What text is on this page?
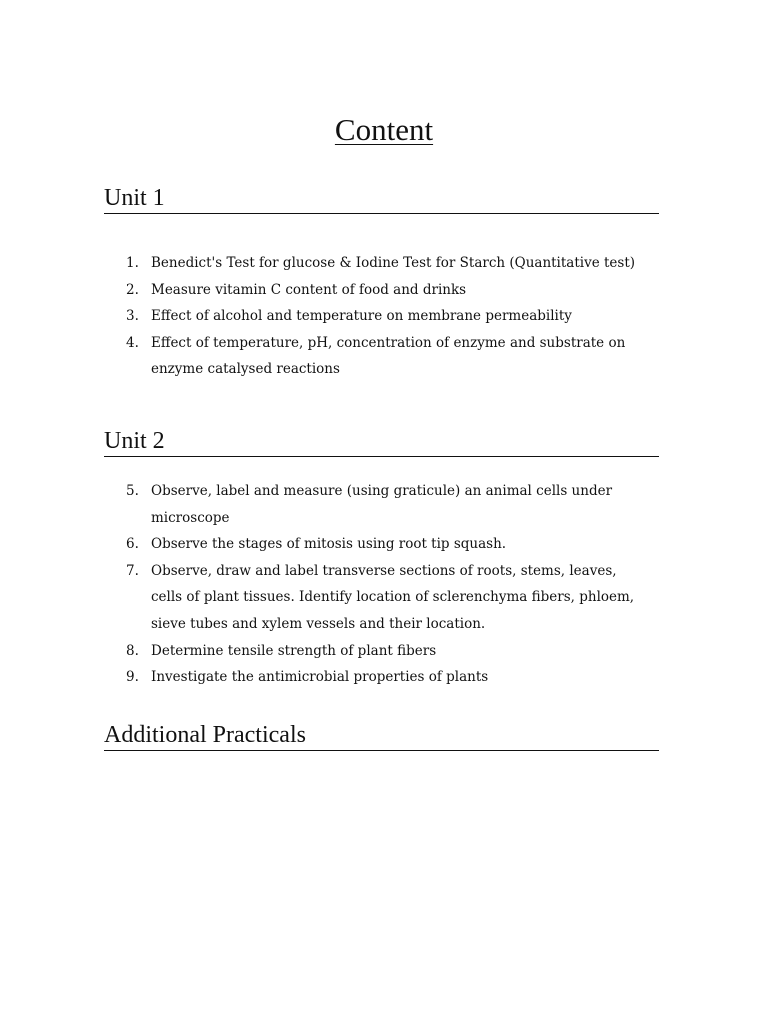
Content
Unit 1
1. Benedict's Test for glucose & Iodine Test for Starch (Quantitative test)
2. Measure vitamin C content of food and drinks
3. Effect of alcohol and temperature on membrane permeability
4. Effect of temperature, pH, concentration of enzyme and substrate on enzyme catalysed reactions
Unit 2
5. Observe, label and measure (using graticule) an animal cells under microscope
6. Observe the stages of mitosis using root tip squash.
7. Observe, draw and label transverse sections of roots, stems, leaves, cells of plant tissues. Identify location of sclerenchyma fibers, phloem, sieve tubes and xylem vessels and their location.
8. Determine tensile strength of plant fibers
9. Investigate the antimicrobial properties of plants
Additional Practicals
